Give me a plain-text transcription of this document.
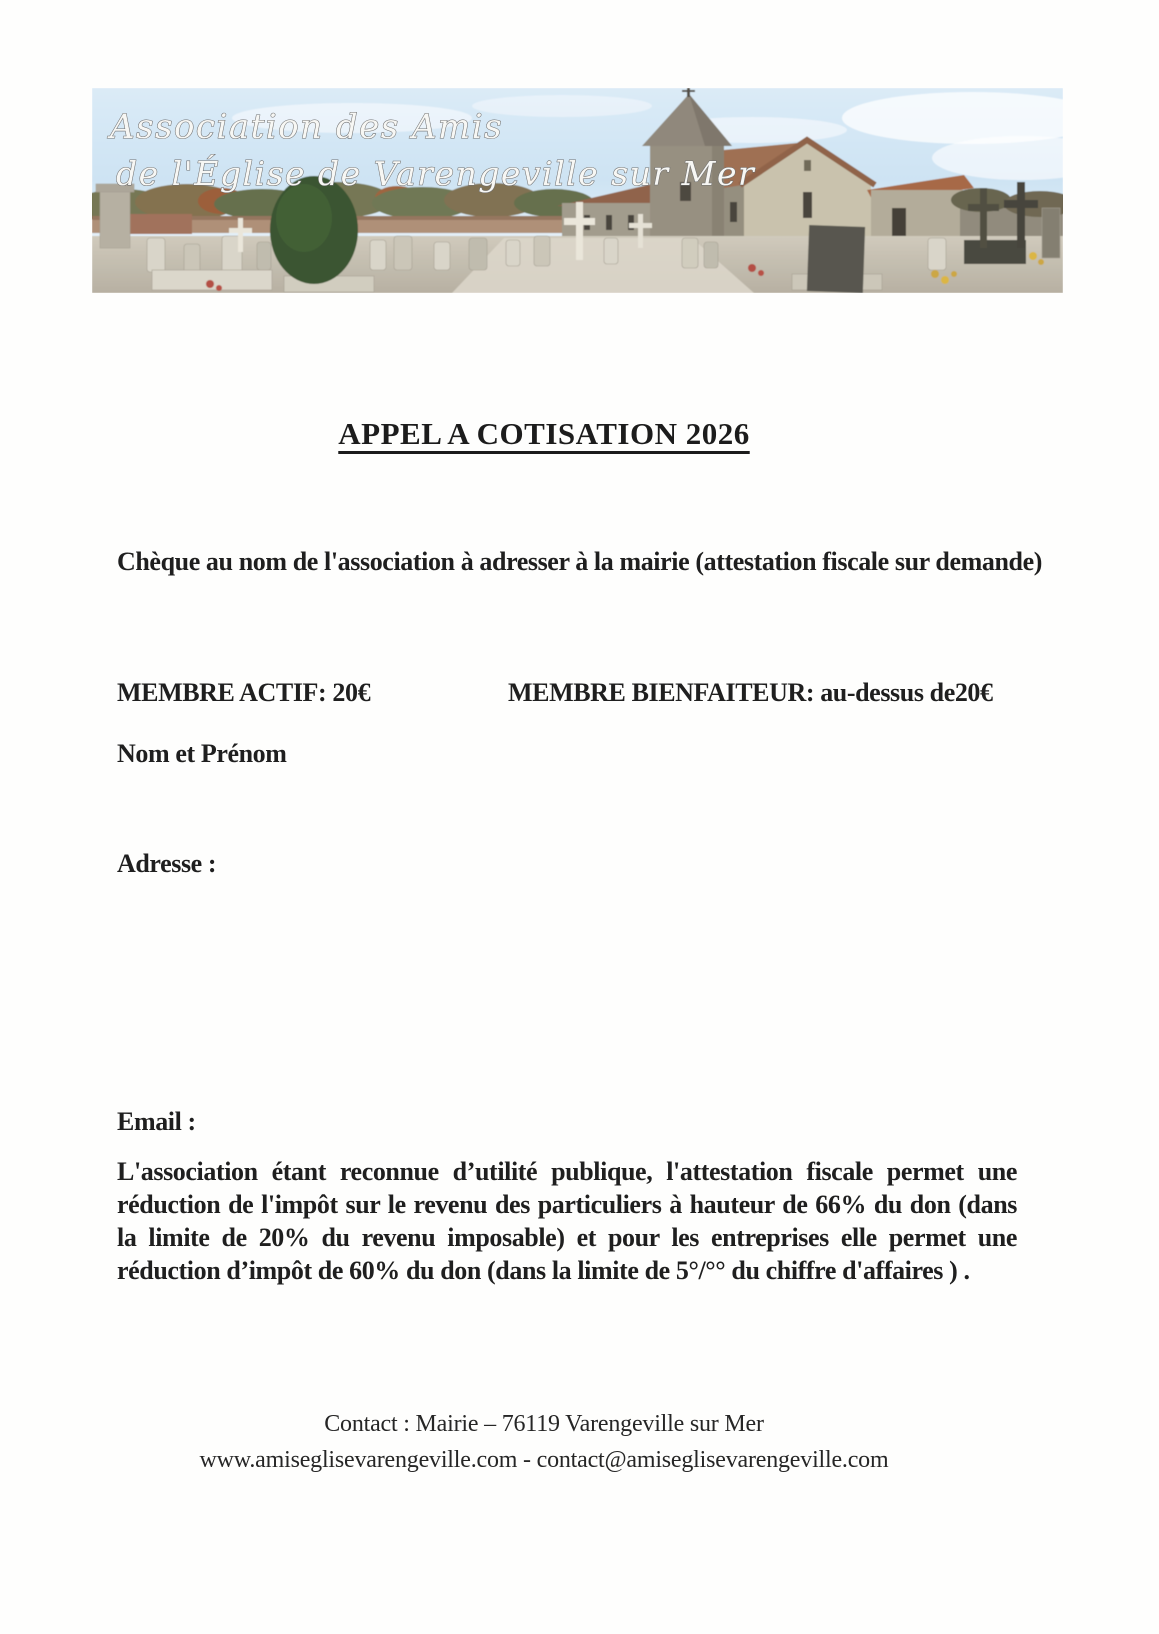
Association des Amis
de l'Église de Varengeville sur Mer
APPEL A COTISATION 2026
Chèque au nom de l'association à adresser à la mairie (attestation fiscale sur demande)
MEMBRE ACTIF: 20€	MEMBRE BIENFAITEUR: au-dessus de20€
Nom et Prénom
Adresse :
Email :
L'association étant reconnue d’utilité publique, l'attestation fiscale permet une réduction de l'impôt sur le revenu des particuliers à hauteur de 66% du don (dans la limite de 20% du revenu imposable) et pour les entreprises elle permet une réduction d’impôt de 60% du don (dans la limite de 5°/°° du chiffre d'affaires ) .
Contact : Mairie – 76119 Varengeville sur Mer
www.amiseglisevarengeville.com - contact@amiseglisevarengeville.com
